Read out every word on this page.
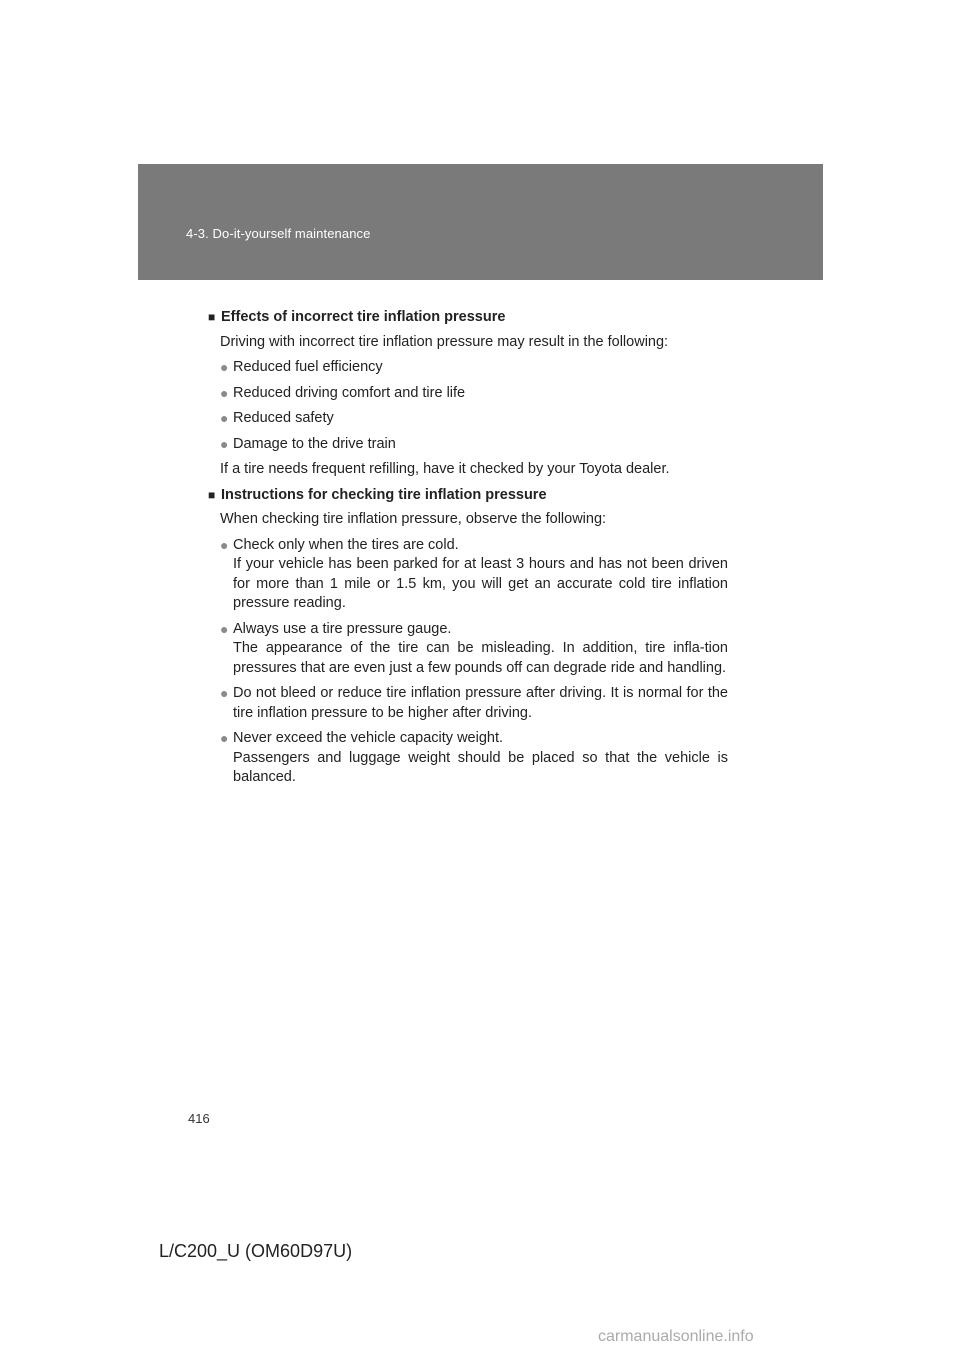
4-3. Do-it-yourself maintenance
■ Effects of incorrect tire inflation pressure
Driving with incorrect tire inflation pressure may result in the following:
● Reduced fuel efficiency
● Reduced driving comfort and tire life
● Reduced safety
● Damage to the drive train
If a tire needs frequent refilling, have it checked by your Toyota dealer.
■ Instructions for checking tire inflation pressure
When checking tire inflation pressure, observe the following:
● Check only when the tires are cold.
If your vehicle has been parked for at least 3 hours and has not been driven for more than 1 mile or 1.5 km, you will get an accurate cold tire inflation pressure reading.
● Always use a tire pressure gauge.
The appearance of the tire can be misleading. In addition, tire infla-tion pressures that are even just a few pounds off can degrade ride and handling.
● Do not bleed or reduce tire inflation pressure after driving. It is normal for the tire inflation pressure to be higher after driving.
● Never exceed the vehicle capacity weight.
Passengers and luggage weight should be placed so that the vehicle is balanced.
416
L/C200_U (OM60D97U)
carmanualsonline.info
